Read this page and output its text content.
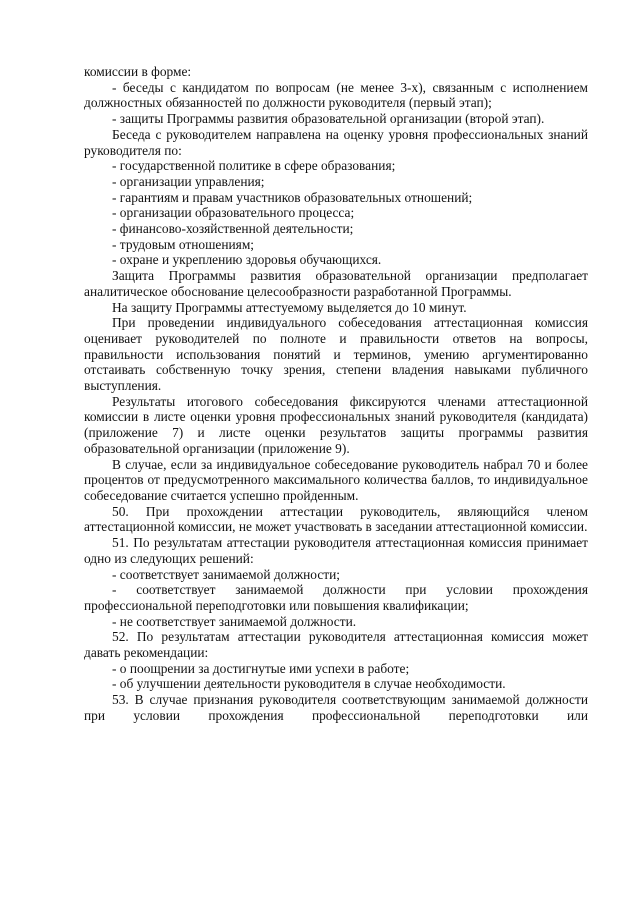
комиссии в форме:

- беседы с кандидатом по вопросам (не менее 3-х), связанным с исполнением должностных обязанностей по должности руководителя (первый этап);

- защиты Программы развития образовательной организации (второй этап).

Беседа с руководителем направлена на оценку уровня профессиональных знаний руководителя по:

- государственной политике в сфере образования;

- организации управления;

- гарантиям и правам участников образовательных отношений;

- организации образовательного процесса;

- финансово-хозяйственной деятельности;

- трудовым отношениям;

- охране и укреплению здоровья обучающихся.

Защита Программы развития образовательной организации предполагает аналитическое обоснование целесообразности разработанной Программы.

На защиту Программы аттестуемому выделяется до 10 минут.

При проведении индивидуального собеседования аттестационная комиссия оценивает руководителей по полноте и правильности ответов на вопросы, правильности использования понятий и терминов, умению аргументированно отстаивать собственную точку зрения, степени владения навыками публичного выступления.

Результаты итогового собеседования фиксируются членами аттестационной комиссии в листе оценки уровня профессиональных знаний руководителя (кандидата) (приложение 7) и листе оценки результатов защиты программы развития образовательной организации (приложение 9).

В случае, если за индивидуальное собеседование руководитель набрал 70 и более процентов от предусмотренного максимального количества баллов, то индивидуальное собеседование считается успешно пройденным.

50. При прохождении аттестации руководитель, являющийся членом аттестационной комиссии, не может участвовать в заседании аттестационной комиссии.

51. По результатам аттестации руководителя аттестационная комиссия принимает одно из следующих решений:

- соответствует занимаемой должности;

- соответствует занимаемой должности при условии прохождения профессиональной переподготовки или повышения квалификации;

- не соответствует занимаемой должности.

52. По результатам аттестации руководителя аттестационная комиссия может давать рекомендации:

- о поощрении за достигнутые ими успехи в работе;

- об улучшении деятельности руководителя в случае необходимости.

53. В случае признания руководителя соответствующим занимаемой должности при условии прохождения профессиональной переподготовки или
